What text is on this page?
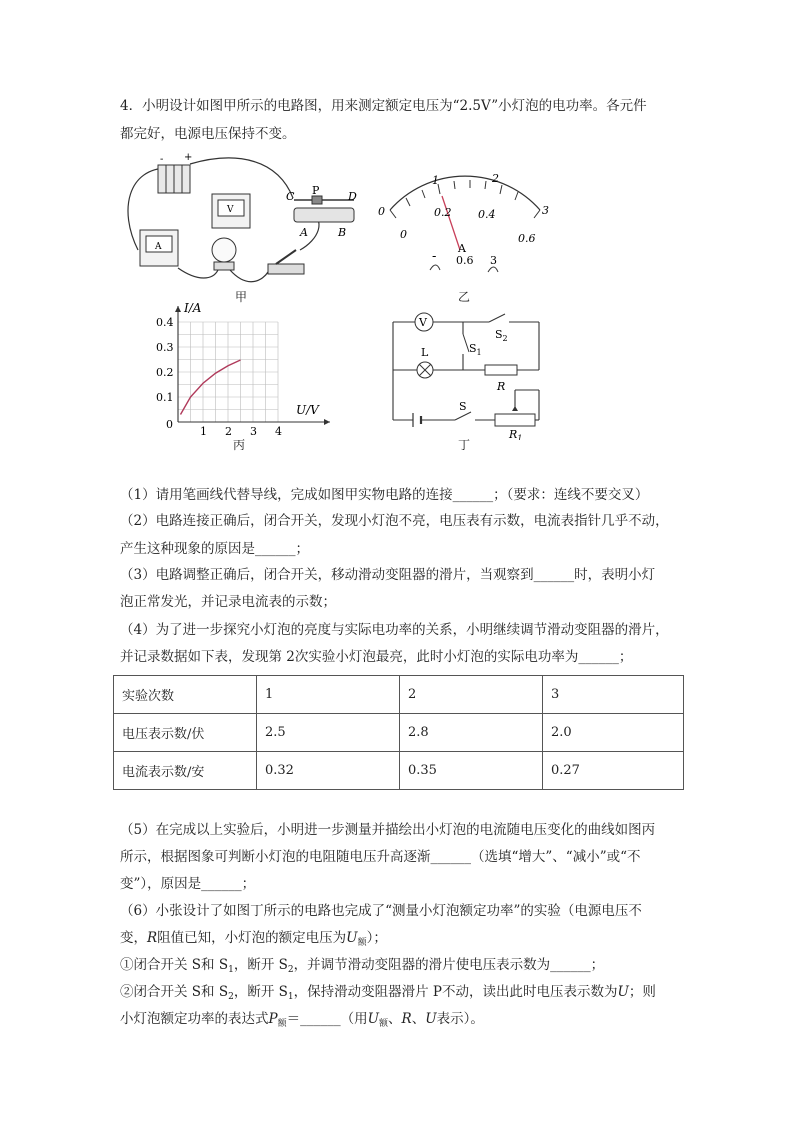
4．小明设计如图甲所示的电路图，用来测定额定电压为“2.5V”小灯泡的电功率。各元件
都完好，电源电压保持不变。
+
-
A
V
C P	D
A	B
甲
0
1	2
3
0
0.2 0.4
0.6
A
0.6 3
-
乙
0.1
0.2
0.3
0.4
1 2 3 4
I/A
U/V
0
丙
V
$S_2$
$S_1$
L
R
S
$R_1$
丁
（1）请用笔画线代替导线，完成如图甲实物电路的连接______；（要求：连线不要交叉）
（2）电路连接正确后，闭合开关，发现小灯泡不亮，电压表有示数，电流表指针几乎不动，
产生这种现象的原因是______；
（3）电路调整正确后，闭合开关，移动滑动变阻器的滑片，当观察到______时，表明小灯
泡正常发光，并记录电流表的示数；
（4）为了进一步探究小灯泡的亮度与实际电功率的关系，小明继续调节滑动变阻器的滑片，
并记录数据如下表，发现第 2次实验小灯泡最亮，此时小灯泡的实际电功率为______；
实验次数	1	2	3
电压表示数/伏	2.5	2.8	2.0
电流表示数/安	0.32	0.35	0.27
（5）在完成以上实验后，小明进一步测量并描绘出小灯泡的电流随电压变化的曲线如图丙
所示，根据图象可判断小灯泡的电阻随电压升高逐渐______（选填“增大”、“减小”或“不
变”），原因是______；
（6）小张设计了如图丁所示的电路也完成了“测量小灯泡额定功率”的实验（电源电压不
变，R阻值已知，小灯泡的额定电压为$U_额$）；
①闭合开关 S和 $S_1$，断开 $S_2$，并调节滑动变阻器的滑片使电压表示数为______；
②闭合开关 S和 $S_2$，断开 $S_1$，保持滑动变阻器滑片 P不动，读出此时电压表示数为U；则
小灯泡额定功率的表达式$P_额=\_\_\_\_\_\_$（用$U_额$、R、U表示）。
